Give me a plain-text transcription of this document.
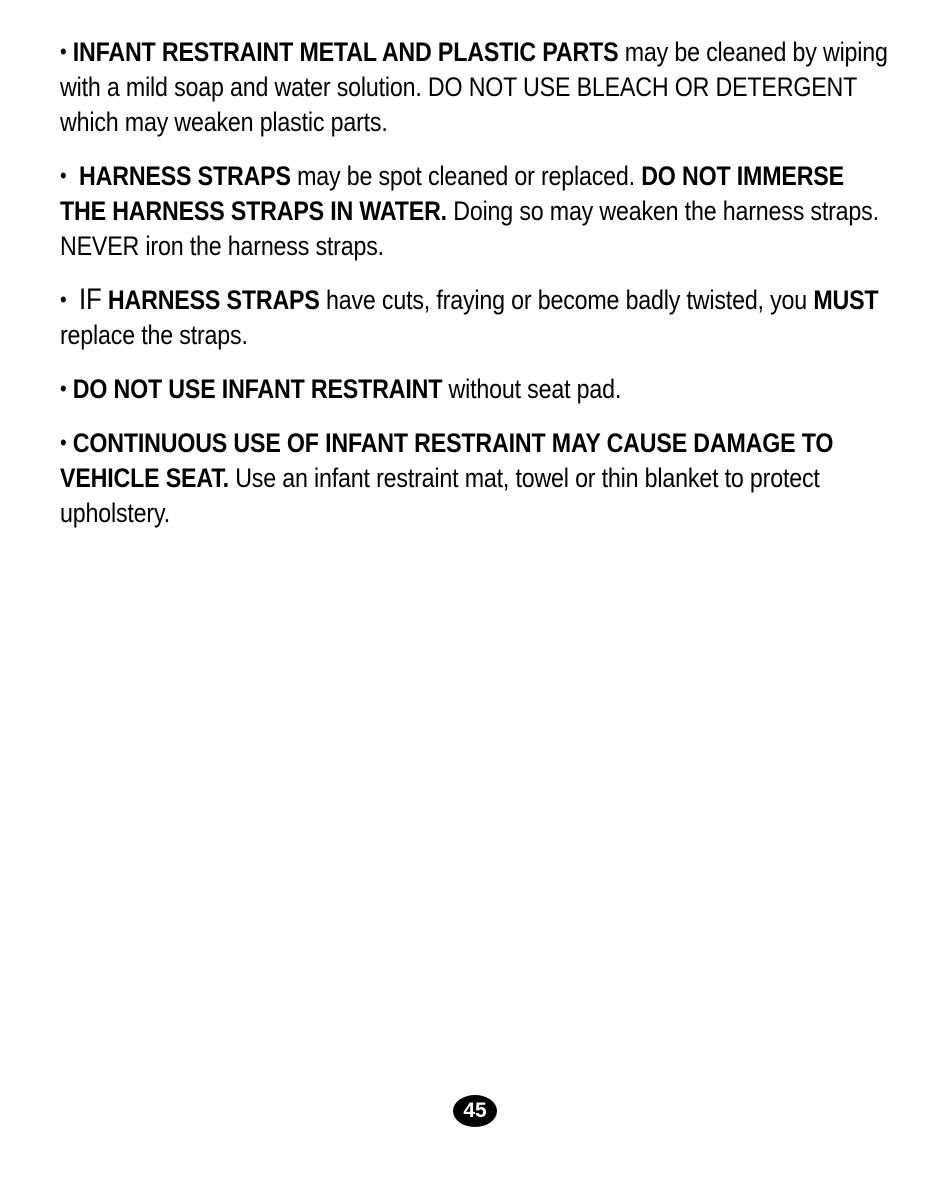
• INFANT RESTRAINT METAL AND PLASTIC PARTS may be cleaned by wiping with a mild soap and water solution. DO NOT USE BLEACH OR DETERGENT which may weaken plastic parts.

• HARNESS STRAPS may be spot cleaned or replaced. DO NOT IMMERSE THE HARNESS STRAPS IN WATER. Doing so may weaken the harness straps. NEVER iron the harness straps.

• IF HARNESS STRAPS have cuts, fraying or become badly twisted, you MUST replace the straps.

• DO NOT USE INFANT RESTRAINT without seat pad.

• CONTINUOUS USE OF INFANT RESTRAINT MAY CAUSE DAMAGE TO VEHICLE SEAT. Use an infant restraint mat, towel or thin blanket to protect upholstery.

45
